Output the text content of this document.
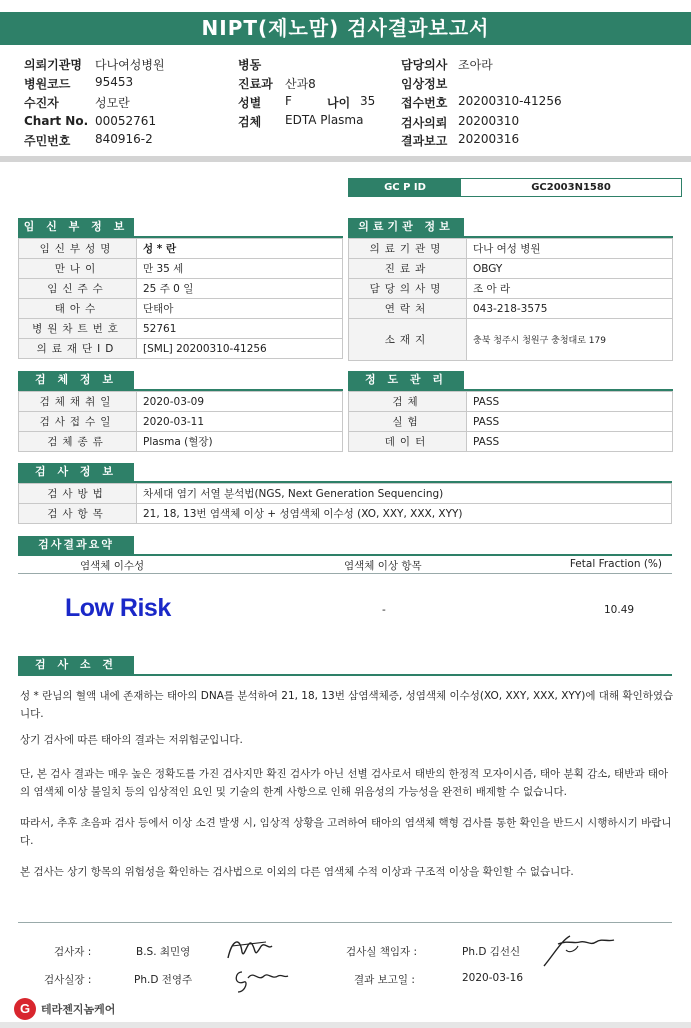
NIPT(제노맘) 검사결과보고서
의뢰기관명 다나여성병원
병원코드 95453
수진자	성모란
Chart No. 00052761
주민번호 840916-2
병동
진료과 산과8
성별 F	나이 35
검체 EDTA Plasma
담당의사 조아라
임상정보
접수번호 20200310-41256
검사의뢰 20200310
결과보고 20200316
GC P ID	GC2003N1580
임 신 부 정 보
임신부성명	성 * 란
만나이	만 35 세
임신주수	25 주 0 일
태아수	단태아
병원차트번호	52761
의료재단ID	[SML] 20200310-41256
의료기관 정보
의료기관명	다나 여성 병원
진료과	OBGY
담당의사명	조 아 라
연락처	043-218-3575
소재지	충북 청주시 청원구 충청대로 179
검 체 정 보
검체채취일	2020-03-09
검사접수일	2020-03-11
검체종류	Plasma (혈장)
정 도 관 리
검체	PASS
실험	PASS
데이터	PASS
검 사 정 보
검사방법	차세대 염기 서열 분석법(NGS, Next Generation Sequencing)
검사항목	21, 18, 13번 염색체 이상 + 성염색체 이수성 (XO, XXY, XXX, XYY)
검사결과요약
염색체 이수성	염색체 이상 항목	Fetal Fraction (%)
Low Risk	-	10.49
검 사 소 견
성 * 란님의 혈액 내에 존재하는 태아의 DNA를 분석하여 21, 18, 13번 삼염색체증, 성염색체 이수성(XO, XXY, XXX, XYY)에 대해 확인하였습니다.
상기 검사에 따른 태아의 결과는 저위험군입니다.
단, 본 검사 결과는 매우 높은 정확도를 가진 검사지만 확진 검사가 아닌 선별 검사로서 태반의 한정적 모자이시즘, 태아 분획 감소, 태반과 태아의 염색체 이상 불일치 등의 임상적인 요인 및 기술의 한계 사항으로 인해 위음성의 가능성을 완전히 배제할 수 없습니다.
따라서, 추후 초음파 검사 등에서 이상 소견 발생 시, 임상적 상황을 고려하여 태아의 염색체 핵형 검사를 통한 확인을 반드시 시행하시기 바랍니다.
본 검사는 상기 항목의 위험성을 확인하는 검사법으로 이외의 다른 염색체 수적 이상과 구조적 이상을 확인할 수 없습니다.
검사자 :	B.S. 최민영	검사실 책임자 :	Ph.D 김선신
검사실장 :	Ph.D 전영주	결과 보고일 :	2020-03-16
G 테라젠지놈케어
